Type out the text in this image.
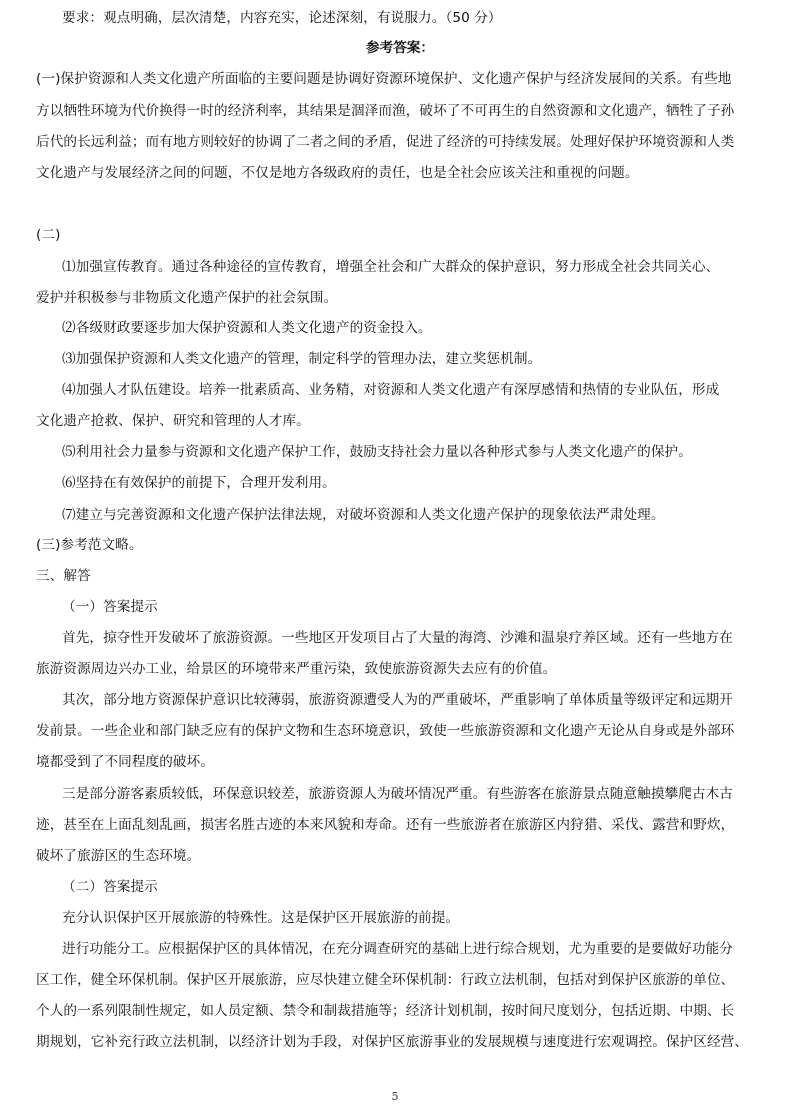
要求：观点明确，层次清楚，内容充实，论述深刻，有说服力。（50 分）
参考答案：
(一)保护资源和人类文化遗产所面临的主要问题是协调好资源环境保护、文化遗产保护与经济发展间的关系。有些地
方以牺牲环境为代价换得一时的经济利率，其结果是涸泽而渔，破坏了不可再生的自然资源和文化遗产，牺牲了子孙
后代的长远利益；而有地方则较好的协调了二者之间的矛盾，促进了经济的可持续发展。处理好保护环境资源和人类
文化遗产与发展经济之间的问题，不仅是地方各级政府的责任，也是全社会应该关注和重视的问题。
(二)
⑴加强宣传教育。通过各种途径的宣传教育，增强全社会和广大群众的保护意识，努力形成全社会共同关心、
爱护并积极参与非物质文化遗产保护的社会氛围。
⑵各级财政要逐步加大保护资源和人类文化遗产的资金投入。
⑶加强保护资源和人类文化遗产的管理，制定科学的管理办法，建立奖惩机制。
⑷加强人才队伍建设。培养一批素质高、业务精，对资源和人类文化遗产有深厚感情和热情的专业队伍，形成
文化遗产抢救、保护、研究和管理的人才库。
⑸利用社会力量参与资源和文化遗产保护工作，鼓励支持社会力量以各种形式参与人类文化遗产的保护。
⑹坚持在有效保护的前提下，合理开发利用。
⑺建立与完善资源和文化遗产保护法律法规，对破坏资源和人类文化遗产保护的现象依法严肃处理。
(三)参考范文略。
三、解答
（一）答案提示
首先，掠夺性开发破坏了旅游资源。一些地区开发项目占了大量的海湾、沙滩和温泉疗养区域。还有一些地方在
旅游资源周边兴办工业，给景区的环境带来严重污染，致使旅游资源失去应有的价值。
其次，部分地方资源保护意识比较薄弱，旅游资源遭受人为的严重破坏，严重影响了单体质量等级评定和远期开
发前景。一些企业和部门缺乏应有的保护文物和生态环境意识，致使一些旅游资源和文化遗产无论从自身或是外部环
境都受到了不同程度的破坏。
三是部分游客素质较低，环保意识较差，旅游资源人为破坏情况严重。有些游客在旅游景点随意触摸攀爬古木古
迹，甚至在上面乱刻乱画，损害名胜古迹的本来风貌和寿命。还有一些旅游者在旅游区内狩猎、采伐、露营和野炊，
破坏了旅游区的生态环境。
（二）答案提示
充分认识保护区开展旅游的特殊性。这是保护区开展旅游的前提。
进行功能分工。应根据保护区的具体情况，在充分调查研究的基础上进行综合规划，尤为重要的是要做好功能分
区工作，健全环保机制。保护区开展旅游，应尽快建立健全环保机制：行政立法机制，包括对到保护区旅游的单位、
个人的一系列限制性规定，如人员定额、禁令和制裁措施等；经济计划机制，按时间尺度划分，包括近期、中期、长
期规划，它补充行政立法机制，以经济计划为手段，对保护区旅游事业的发展规模与速度进行宏观调控。保护区经营、
5
